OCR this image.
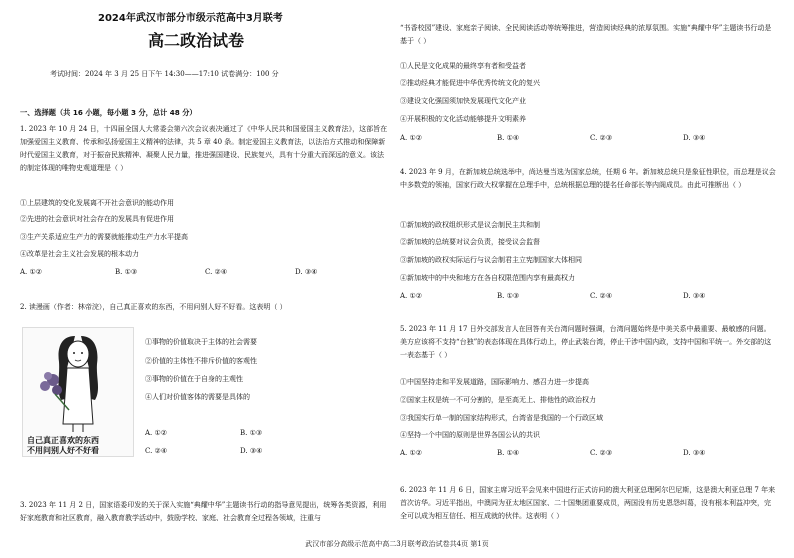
2024年武汉市部分市级示范高中3月联考
高二政治试卷
考试时间：2024 年 3 月 25 日下午 14:30——17:10 试卷满分：100 分
一、选择题（共 16 小题，每小题 3 分，总计 48 分）
1. 2023 年 10 月 24 日，十四届全国人大常委会第六次会议表决通过了《中华人民共和国爱国主义教育法》，这部旨在加强爱国主义教育、传承和弘扬爱国主义精神的法律，共 5 章 40 条。制定爱国主义教育法，以法治方式推动和保障新时代爱国主义教育，对于振奋民族精神、凝聚人民力量，推进强国建设、民族复兴，具有十分重大而深远的意义。该法的制定体现的唯物史观道理是（ ）
①上层建筑的变化发展离不开社会意识的能动作用
②先进的社会意识对社会存在的发展具有促进作用
③生产关系适应生产力的需要就能推动生产力水平提高
④改革是社会主义社会发展的根本动力
A. ①②	B. ①③	C. ②④	D. ③④
2. 读漫画（作者：林帝浣），自己真正喜欢的东西，不用问别人好不好看。这表明（ ）
①事物的价值取决于主体的社会需要
②价值的主体性不排斥价值的客观性
③事物的价值在于自身的主观性
④人们对价值客体的需要是具体的
A. ①②	B. ①③
C. ②④	D. ③④
3. 2023 年 11 月 2 日，国家语委印发的关于深入实施“典耀中华”主题读书行动的指导意见提出，统筹各类资源，利用好家庭教育和社区教育，融入教育教学活动中，鼓励学校、家庭、社会教育全过程各领域，注重与
自己真正喜欢的东西
不用问别人好不好看
“书香校园”建设、家庭亲子阅读、全民阅读活动等统筹推进，营造阅读经典的浓厚氛围。实施“典耀中华”主题读书行动是基于（ ）
①人民是文化成果的最终享有者和受益者
②推动经典才能促进中华优秀传统文化的复兴
③建设文化强国须加快发展现代文化产业
④开展积极的文化活动能够提升文明素养
A. ①②	B. ①④	C. ②③	D. ③④
4. 2023 年 9 月，在新加坡总统选举中，尚达曼当选为国家总统，任期 6 年。新加坡总统只是象征性职位，而总理是议会中多数党的领袖，国家行政大权掌握在总理手中，总统根据总理的提名任命部长等内阁成员。由此可推断出（ ）
①新加坡的政权组织形式是议会制民主共和制
②新加坡的总统要对议会负责，接受议会监督
③新加坡的政权实际运行与议会制君主立宪制国家大体相同
④新加坡中的中央和地方在各自权限范围内享有最高权力
A. ①②	B. ①③	C. ②④	D. ③④
5. 2023 年 11 月 17 日外交部发言人在回答有关台湾问题时强调，台湾问题始终是中美关系中最重要、最敏感的问题。美方应该将不支持“台独”的表态体现在具体行动上，停止武装台湾，停止干涉中国内政，支持中国和平统一。外交部的这一表态基于（ ）
①中国坚持走和平发展道路，国际影响力、感召力进一步提高
②国家主权是统一不可分割的，是至高无上、排他性的政治权力
③我国实行单一制的国家结构形式，台湾省是我国的一个行政区域
④坚持一个中国的原则是世界各国公认的共识
A. ①②	B. ①④	C. ②③	D. ③④
6. 2023 年 11 月 6 日，国家主席习近平会见来中国进行正式访问的澳大利亚总理阿尔巴尼斯，这是澳大利亚总理 7 年来首次访华。习近平指出，中澳同为亚太地区国家、二十国集团重要成员，两国没有历史恩怨纠葛，没有根本利益冲突，完全可以成为相互信任、相互成就的伙伴。这表明（ ）
武汉市部分高级示范高中高二3月联考政治试卷共4页 第1页
